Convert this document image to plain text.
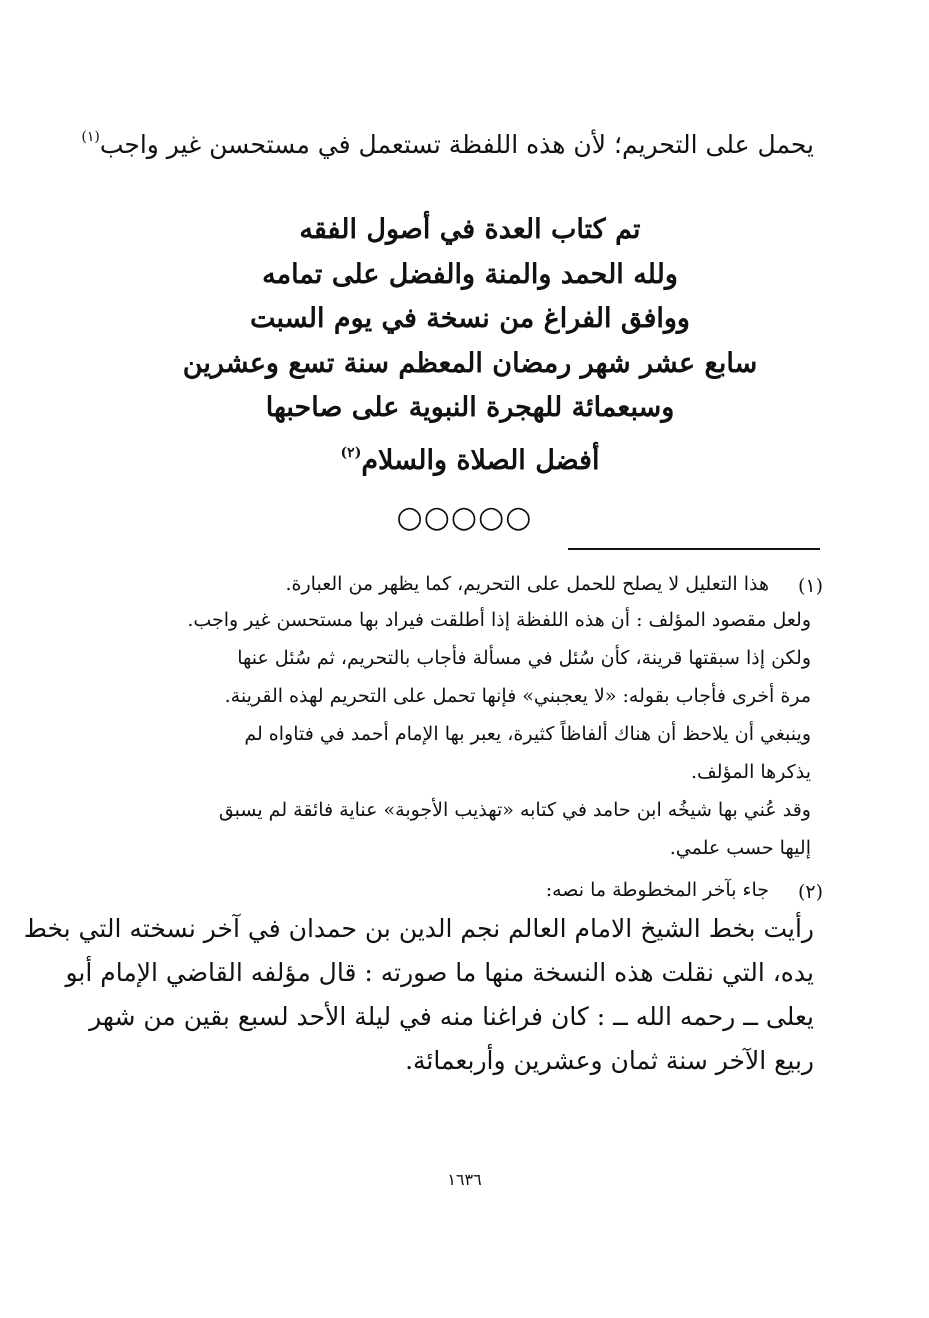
يحمل على التحريم؛ لأن هذه اللفظة تستعمل في مستحسن غير واجب$^{(١)}$
تم كتاب العدة في أصول الفقه
ولله الحمد والمنة والفضل على تمامه
ووافق الفراغ من نسخة في يوم السبت
سابع عشر شهر رمضان المعظم سنة تسع وعشرين
وسبعمائة للهجرة النبوية على صاحبها
أفضل الصلاة والسلام$^{(٢)}$
○○○○○
(١)
هذا التعليل لا يصلح للحمل على التحريم، كما يظهر من العبارة.
ولعل مقصود المؤلف : أن هذه اللفظة إذا أطلقت فيراد بها مستحسن غير واجب.
ولكن إذا سبقتها قرينة، كأن سُئل في مسألة فأجاب بالتحريم، ثم سُئل عنها
مرة أخرى فأجاب بقوله: «لا يعجبني» فإنها تحمل على التحريم لهذه القرينة.
وينبغي أن يلاحظ أن هناك ألفاظاً كثيرة، يعبر بها الإمام أحمد في فتاواه لم
يذكرها المؤلف.
وقد عُني بها شيخُه ابن حامد في كتابه «تهذيب الأجوبة» عناية فائقة لم يسبق
إليها حسب علمي.
(٢)
جاء بآخر المخطوطة ما نصه:
رأيت بخط الشيخ الامام العالم نجم الدين بن حمدان في آخر نسخته التي بخط
يده، التي نقلت هذه النسخة منها ما صورته : قال مؤلفه القاضي الإمام أبو
يعلى ــ رحمه الله ــ : كان فراغنا منه في ليلة الأحد لسبع بقين من شهر
ربيع الآخر سنة ثمان وعشرين وأربعمائة.
١٦٣٦
